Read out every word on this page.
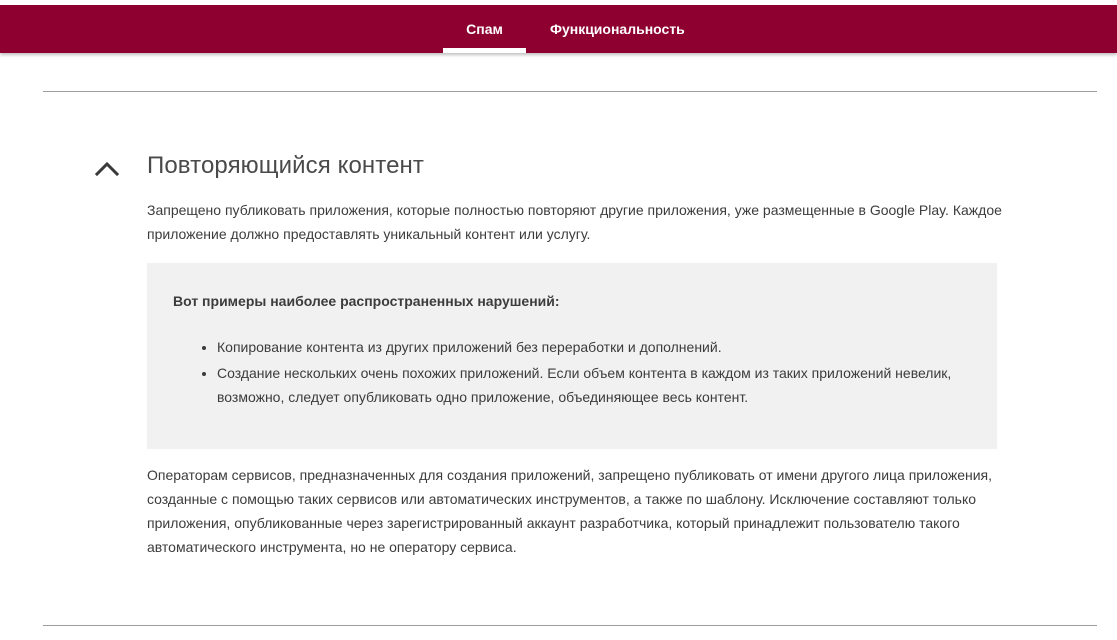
Спам	Функциональность
Повторяющийся контент

Запрещено публиковать приложения, которые полностью повторяют другие приложения, уже размещенные в Google Play. Каждое приложение должно предоставлять уникальный контент или услугу.

Вот примеры наиболее распространенных нарушений:

• Копирование контента из других приложений без переработки и дополнений.
• Создание нескольких очень похожих приложений. Если объем контента в каждом из таких приложений невелик, возможно, следует опубликовать одно приложение, объединяющее весь контент.

Операторам сервисов, предназначенных для создания приложений, запрещено публиковать от имени другого лица приложения, созданные с помощью таких сервисов или автоматических инструментов, а также по шаблону. Исключение составляют только приложения, опубликованные через зарегистрированный аккаунт разработчика, который принадлежит пользователю такого автоматического инструмента, но не оператору сервиса.
